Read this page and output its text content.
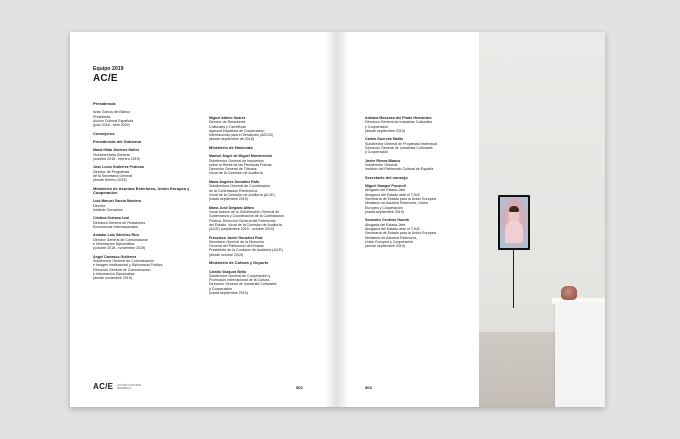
Equipo 2019
AC/E
Presidencia
Itziar García del Blanco
Presidenta
Acción Cultural Española
(julio 2018 - abril 2019)
Consejeros
Presidencia del Gobierno
María Hilda Jiménez Núñez
Vicesecretaria General
(octubre 2018 - febrero 2019)
José Lucio Gutiérrez Pedrosa
Director de Programas
de la Secretaría General
(desde febrero 2019)
Ministerio de Asuntos Exteriores, Unión Europea y Cooperación
Luis Manuel García Montero
Director
Instituto Cervantes
Cristina Serrano Leal
Directora General de Relaciones
Económicas Internacionales
Amador Luis Sánchez Rico
Director General de Comunicación
e Información Diplomática
(octubre 2018 - noviembre 2019)
Ángel Carrasco Gutiérrez
Subdirector General de Comunicación
e Imagen Institucional y Diplomacia Pública
Dirección General de Comunicación
e Información Diplomática
(desde noviembre 2019)
Miguel Albero Suárez
Director de Relaciones
Culturales y Científicas
Agencia Española de Cooperación
Internacional para el Desarrollo (AECID)
(desde septiembre de 2018)
Ministerio de Hacienda
Manuel Ángel de Miguel Monterrubio
Subdirector General de Impuestos
sobre la Renta de las Personas Físicas
Dirección General de Tributos.
Vocal de la Comisión de Auditoría
María Ángeles González Rufo
Subdirectora General de Coordinación
de la Contratación Electrónica.
Vocal de la Comisión de Auditoría (AC/E)
(hasta septiembre 2019)
María José Delgado Alfaro
Vocal Asesor de la Subdirección General de
Gobernanza y Coordinación de la Contratación
Pública. Dirección General del Patrimonio
del Estado. Vocal de la Comisión de Auditoría
(AC/E) (septiembre 2019 - octubre 2019)
Francisco Javier González Ruiz
Secretario General de la Dirección
General del Patrimonio del Estado.
Presidente de la Comisión de Auditoría (AC/E)
(desde octubre 2019)
Ministerio de Cultura y Deporte
Camilo Vázquez Bello
Subdirector General de Cooperación y
Promoción Internacional de la Cultura.
Dirección General de Industrias Culturales
y Cooperación
(hasta septiembre 2019)
AC/E ACCIÓN CULTURAL ESPAÑOLA	502
Adriana Moscoso del Prado Hernández
Directora General de Industrias Culturales
y Cooperación
(desde septiembre 2019)
Carlos Guervós Maíllo
Subdirector General de Propiedad Intelectual.
Dirección General de Industrias Culturales
y Cooperación
Javier Rivera Blanco
Subdirector General,
Instituto del Patrimonio Cultural de España
Secretario del consejo
Miguel Sampol Pucurull
Abogado del Estado-Jefe
Abogacía del Estado ante el TJUE.
Secretaría de Estado para la Unión Europea.
Ministerio de Asuntos Exteriores, Unión
Europea y Cooperación
(hasta septiembre 2019)
Sonsoles Centeno Huerta
Abogada del Estado-Jefe.
Abogacía del Estado ante el TJUE.
Secretaría de Estado para la Unión Europea.
Ministerio de Asuntos Exteriores,
Unión Europea y Cooperación
(desde septiembre 2019)
503
